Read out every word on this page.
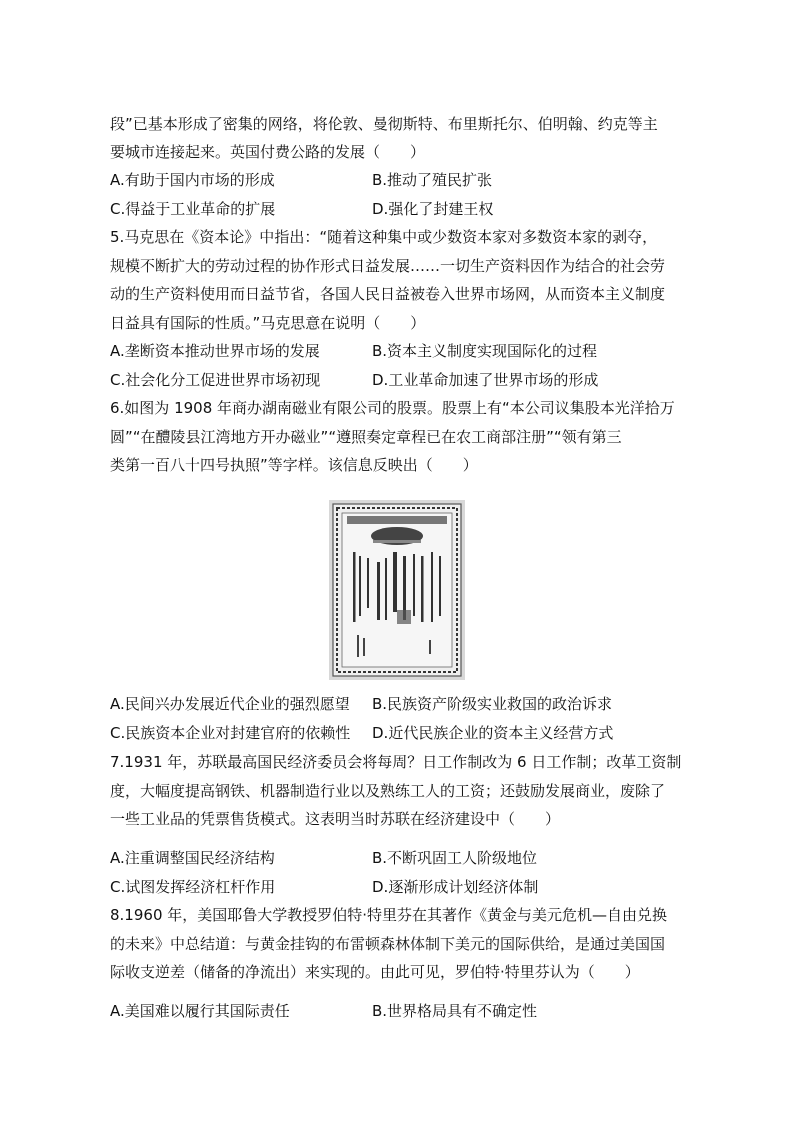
段”已基本形成了密集的网络，将伦敦、曼彻斯特、布里斯托尔、伯明翰、约克等主
要城市连接起来。英国付费公路的发展（　　）
A.有助于国内市场的形成	B.推动了殖民扩张
C.得益于工业革命的扩展	D.强化了封建王权
5.马克思在《资本论》中指出：“随着这种集中或少数资本家对多数资本家的剥夺，
规模不断扩大的劳动过程的协作形式日益发展……一切生产资料因作为结合的社会劳
动的生产资料使用而日益节省，各国人民日益被卷入世界市场网，从而资本主义制度
日益具有国际的性质。”马克思意在说明（　　）
A.垄断资本推动世界市场的发展	B.资本主义制度实现国际化的过程
C.社会化分工促进世界市场初现	D.工业革命加速了世界市场的形成
6.如图为 1908 年商办湖南磁业有限公司的股票。股票上有“本公司议集股本光洋拾万
圆”“在醴陵县江湾地方开办磁业”“遵照奏定章程已在农工商部注册”“领有第三
类第一百八十四号执照”等字样。该信息反映出（　　）
A.民间兴办发展近代企业的强烈愿望 B.民族资产阶级实业救国的政治诉求
C.民族资本企业对封建官府的依赖性 D.近代民族企业的资本主义经营方式
7.1931 年，苏联最高国民经济委员会将每周？日工作制改为 6 日工作制；改革工资制
度，大幅度提高钢铁、机器制造行业以及熟练工人的工资；还鼓励发展商业，废除了
一些工业品的凭票售货模式。这表明当时苏联在经济建设中（　　）
A.注重调整国民经济结构	B.不断巩固工人阶级地位
C.试图发挥经济杠杆作用	D.逐渐形成计划经济体制
8.1960 年，美国耶鲁大学教授罗伯特·特里芬在其著作《黄金与美元危机—自由兑换
的未来》中总结道：与黄金挂钩的布雷顿森林体制下美元的国际供给，是通过美国国
际收支逆差（储备的净流出）来实现的。由此可见，罗伯特·特里芬认为（　　）
A.美国难以履行其国际责任	B.世界格局具有不确定性
